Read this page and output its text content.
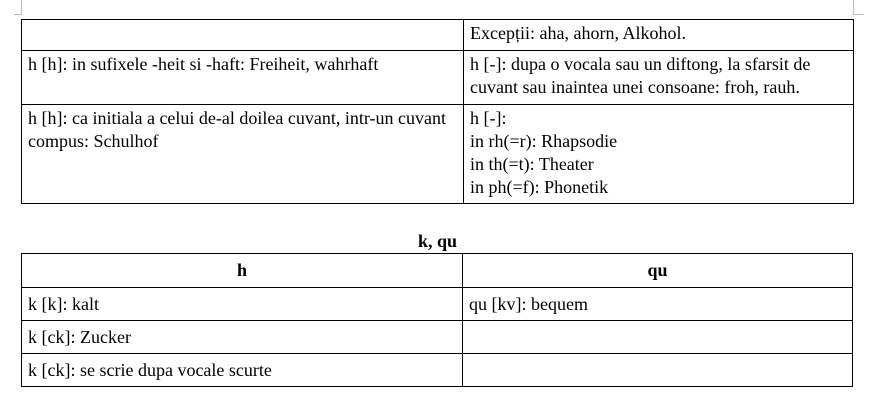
	Excepții: aha, ahorn, Alkohol.

h [h]: in sufixele -heit si -haft: Freiheit, wahrhaft	h [-]: dupa o vocala sau un diftong, la sfarsit de
cuvant sau inaintea unei consoane: froh, rauh.

h [h]: ca initiala a celui de-al doilea cuvant, intr-un cuvant compus: Schulhof	h [-]:
in rh(=r): Rhapsodie
in th(=t): Theater
in ph(=f): Phonetik
k, qu
h	qu
k [k]: kalt	qu [kv]: bequem
k [ck]: Zucker	
k [ck]: se scrie dupa vocale scurte	
